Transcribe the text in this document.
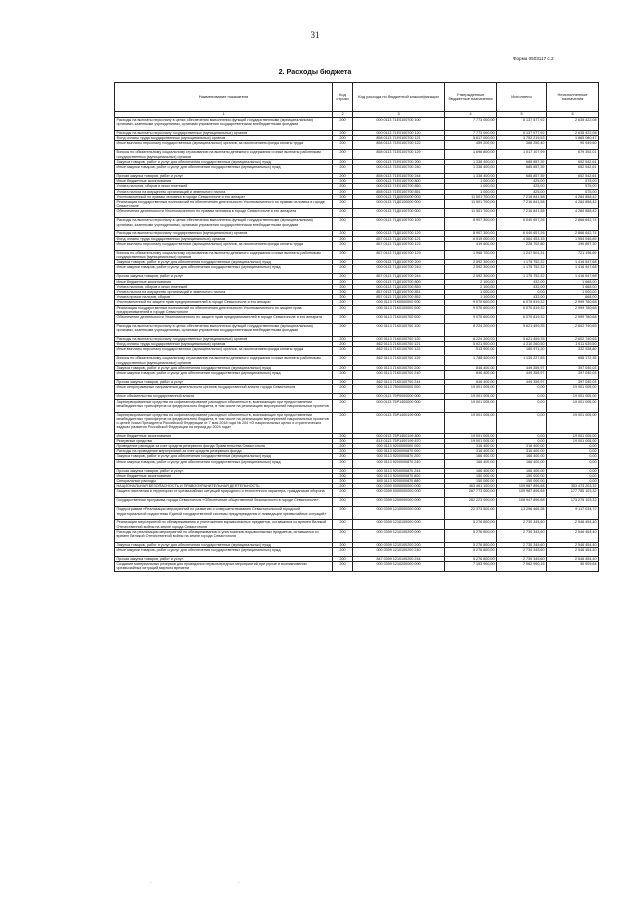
31
Форма 0503117 с.2
2. Расходы бюджета
Наименование показателя	Код строки	Код расхода по бюджетной классификации	Утвержденные бюджетные назначения	Исполнено	Неисполненные назначения
1	2	3	4	5	6
Расходы на выплаты персоналу в целях обеспечения выполнения функций государственными (муниципальными) органами, казенными учреждениями, органами управления государственными внебюджетными фондами	200	000 0113 71Е0100700 100	7 773 000,00	5 137 577,92	2 635 422,08
Расходы на выплаты персоналу государственных (муниципальных) органов	200	000 0113 71Е0100700 120	7 773 000,00	5 137 577,92	2 635 422,08
Фонд оплаты труда государственных (муниципальных) органов	200	858 0113 71Е0100700 121	5 617 000,00	3 752 219,53	1 865 080,47
Иные выплаты персоналу государственных (муниципальных) органов, за исключением фонда оплаты труда	200	858 0113 71Е0100700 122	459 200,00	368 250,40	90 949,60
Взносы по обязательному социальному страхованию на выплаты денежного содержания и иные выплаты работникам государственных (муниципальных) органов	200	858 0113 71Е0100700 129	1 696 800,00	1 017 107,99	679 392,01
Закупка товаров, работ и услуг для обеспечения государственных (муниципальных) нужд	200	000 0113 71Е0100700 200	1 338 400,00	685 857,39	652 542,61
Иные закупки товаров, работ и услуг для обеспечения государственных (муниципальных) нужд	200	000 0113 71Е0100700 240	1 338 400,00	685 857,39	652 542,61
Прочая закупка товаров, работ и услуг	200	858 0113 71Е0100700 244	1 338 400,00	685 857,39	652 542,61
Иные бюджетные ассигнования	200	000 0113 71Е0100700 800	1 000,00	425,00	575,00
Уплата налогов, сборов и иных платежей	200	000 0113 71Е0100700 850	1 000,00	425,00	575,00
Уплата налога на имущество организаций и земельного налога	200	858 0113 71Е0100700 851	1 000,00	425,00	575,00
Уполномоченный по правам человека в городе Севастополе и его аппарат	200	000 0113 71Д0000000 000	11 501 700,00	7 216 841,58	4 284 858,42
Реализация государственных полномочий по обеспечению деятельности Уполномоченного по правам человека в городе Севастополе	200	000 0113 71Д0100000 000	11 501 700,00	7 216 841,58	4 284 858,42
Обеспечение деятельности Уполномоченного по правам человека в городе Севастополе и его аппарата	200	000 0113 71Д0100700 000	11 501 700,00	7 216 841,58	4 284 858,42
Расходы на выплаты персоналу в целях обеспечения выполнения функций государственными (муниципальными) органами, казенными учреждениями, органами управления государственными внебюджетными фондами	200	000 0113 71Д0100700 100	8 907 300,00	6 040 657,26	2 866 642,74
Расходы на выплаты персоналу государственных (муниципальных) органов	200	000 0113 71Д0100700 120	8 907 300,00	6 040 657,26	2 866 642,74
Фонд оплаты труда государственных (муниципальных) органов	200	857 0113 71Д0100700 121	6 519 000,00	4 564 453,15	1 954 546,85
Иные выплаты персоналу государственных (муниципальных) органов, за исключением фонда оплаты труда	200	857 0113 71Д0100700 122	419 600,00	228 702,80	190 897,20
Взносы по обязательному социальному страхованию на выплаты денежного содержания и иные выплаты работникам государственных (муниципальных) органов	200	857 0113 71Д0100700 129	1 968 700,00	1 247 501,31	721 198,69
Закупка товаров, работ и услуг для обеспечения государственных (муниципальных) нужд	200	000 0113 71Д0100700 200	2 592 300,00	1 175 752,32	1 416 547,68
Иные закупки товаров, работ и услуг для обеспечения государственных (муниципальных) нужд	200	000 0113 71Д0100700 240	2 592 300,00	1 175 752,32	1 416 547,68
Прочая закупка товаров, работ и услуг	200	857 0113 71Д0100700 244	2 592 300,00	1 175 752,32	1 416 547,68
Иные бюджетные ассигнования	200	000 0113 71Д0100700 800	2 100,00	432,00	1 668,00
Уплата налогов, сборов и иных платежей	200	000 0113 71Д0100700 850	2 100,00	432,00	1 668,00
Уплата налога на имущество организаций и земельного налога	200	857 0113 71Д0100700 851	1 000,00	0,00	1 000,00
Уплата прочих налогов, сборов	200	857 0113 71Д0100700 852	1 100,00	432,00	668,00
Уполномоченный по защите прав предпринимателей в городе Севастополе и его аппарат	200	000 0113 71К0000000 000	9 070 600,00	6 070 819,32	2 999 780,68
Реализация государственных полномочий по обеспечению деятельности Уполномоченного по защите прав предпринимателей в городе Севастополе	200	000 0113 71К0100000 000	9 070 600,00	6 070 819,32	2 999 780,68
Обеспечение деятельности Уполномоченного по защите прав предпринимателей в городе Севастополе и его аппарата	200	000 0113 71К0100700 000	9 070 600,00	6 070 819,32	2 999 780,68
Расходы на выплаты персоналу в целях обеспечения выполнения функций государственными (муниципальными) органами, казенными учреждениями, органами управления государственными внебюджетными фондами	200	000 0113 71К0100700 100	8 224 200,00	5 621 459,35	2 602 740,65
Расходы на выплаты персоналу государственных (муниципальных) органов	200	000 0113 71К0100700 120	8 224 200,00	5 621 459,35	2 602 740,65
Фонд оплаты труда государственных (муниципальных) органов	200	862 0113 71К0100700 121	5 921 900,00	4 310 260,50	1 611 639,50
Иные выплаты персоналу государственных (муниципальных) органов, за исключением фонда оплаты труда	200	862 0113 71К0100700 122	513 900,00	180 971,20	332 928,80
Взносы по обязательному социальному страхованию на выплаты денежного содержания и иные выплаты работникам государственных (муниципальных) органов	200	862 0113 71К0100700 129	1 788 400,00	1 130 227,65	658 172,35
Закупка товаров, работ и услуг для обеспечения государственных (муниципальных) нужд	200	000 0113 71К0100700 200	846 400,00	449 359,97	397 040,03
Иные закупки товаров, работ и услуг для обеспечения государственных (муниципальных) нужд	200	000 0113 71К0100700 240	846 400,00	449 359,97	397 040,03
Прочая закупка товаров, работ и услуг	200	862 0113 71К0100700 244	846 400,00	449 359,97	397 040,03
Иные непрограммные направления деятельности органов государственной власти города Севастополя	200	000 0113 7500000000 000	19 001 005,00	0,00	19 001 005,00
Иные обязательства государственной власти	200	000 0113 75P0000000 000	19 001 005,00	0,00	19 001 005,00
Зарезервированные средства на софинансирование расходных обязательств, возникающих при предоставлении межбюджетных трансфертов из федерального бюджета, в том числе на реализацию мероприятий национальных проектов	200	000 0113 75P1400000 000	19 001 005,00	0,00	19 001 005,00
Зарезервированные средства на софинансирование расходных обязательств, возникающих при предоставлении межбюджетных трансфертов из федерального бюджета, в том числе на реализацию мероприятий национальных проектов и целей Указа Президента Российской Федерации от 7 мая 2018 года № 204 «О национальных целях и стратегических задачах развития Российской Федерации на период до 2024 года»	200	000 0113 75P1400199 000	19 001 005,00	0,00	19 001 005,00
Иные бюджетные ассигнования	200	000 0113 75P1400199 800	19 001 005,00	0,00	19 001 005,00
Резервные средства	200	814 0113 75P1400199 870	19 001 005,00	0,00	19 001 005,00
Проведение расходов за счет средств резервного фонда Правительства Севастополя	200	000 0113 9200000000 000	316 400,00	316 400,00	0,00
Расходы на проведение мероприятий за счет средств резервного фонда	200	000 0113 9200000870 000	316 400,00	316 400,00	0,00
Закупка товаров, работ и услуг для обеспечения государственных (муниципальных) нужд	200	000 0113 9200000870 200	166 400,00	166 400,00	0,00
Иные закупки товаров, работ и услуг для обеспечения государственных (муниципальных) нужд	200	000 0113 9200000870 240	166 400,00	166 400,00	0,00
Прочая закупка товаров, работ и услуг	200	000 0113 9200000870 244	166 400,00	166 400,00	0,00
Иные бюджетные ассигнования	200	000 0113 9200000870 800	150 000,00	150 000,00	0,00
Специальные расходы	200	845 0113 9200000870 880	150 000,00	150 000,00	0,00
НАЦИОНАЛЬНАЯ БЕЗОПАСНОСТЬ И ПРАВООХРАНИТЕЛЬНАЯ ДЕЯТЕЛЬНОСТЬ	200	000 0300 0000000000 000	463 461 100,00	109 987 896,68	353 473 203,32
Защита населения и территории от чрезвычайных ситуаций природного и техногенного характера, гражданская оборона	200	000 0309 0000000000 000	287 773 000,00	109 987 896,68	177 785 103,32
Государственная программа города Севастополя «Обеспечение общественной безопасности в городе Севастополе»	200	000 0309 1200000000 000	282 223 000,00	108 947 896,68	173 275 103,32
Подпрограмма «Реализация мероприятий по развитию и совершенствованию Севастопольской городской территориальной подсистемы Единой государственной системы предупреждения и ликвидации чрезвычайных ситуаций»	200	000 0309 1210000000 000	22 373 500,00	13 256 465,28	9 117 034,72
Реализация мероприятий по обезвреживанию и уничтожению взрывоопасных предметов, оставшихся со времен Великой Отечественной войны на земле города Севастополя	200	000 0309 1210100000 000	5 276 800,00	2 730 345,60	2 546 454,40
Расходы на реализацию мероприятий по обезвреживанию и уничтожению взрывоопасных предметов, оставшихся со времен Великой Отечественной войны на земле города Севастополя	200	000 0309 1210100200 000	5 276 800,00	2 730 345,60	2 546 454,40
Закупка товаров, работ и услуг для обеспечения государственных (муниципальных) нужд	200	000 0309 1210100200 200	5 276 800,00	2 730 345,60	2 546 454,40
Иные закупки товаров, работ и услуг для обеспечения государственных (муниципальных) нужд	200	000 0309 1210100200 240	5 276 800,00	2 730 345,60	2 546 454,40
Прочая закупка товаров, работ и услуг	200	847 0309 1210100200 244	5 276 800,00	2 730 345,60	2 546 454,40
Создание материальных резервов для проведения первоочередных мероприятий при угрозе и возникновении чрезвычайных ситуаций мирного времени	200	000 0309 1210200000 000	7 153 900,00	7 062 990,16	90 909,84
·	·
